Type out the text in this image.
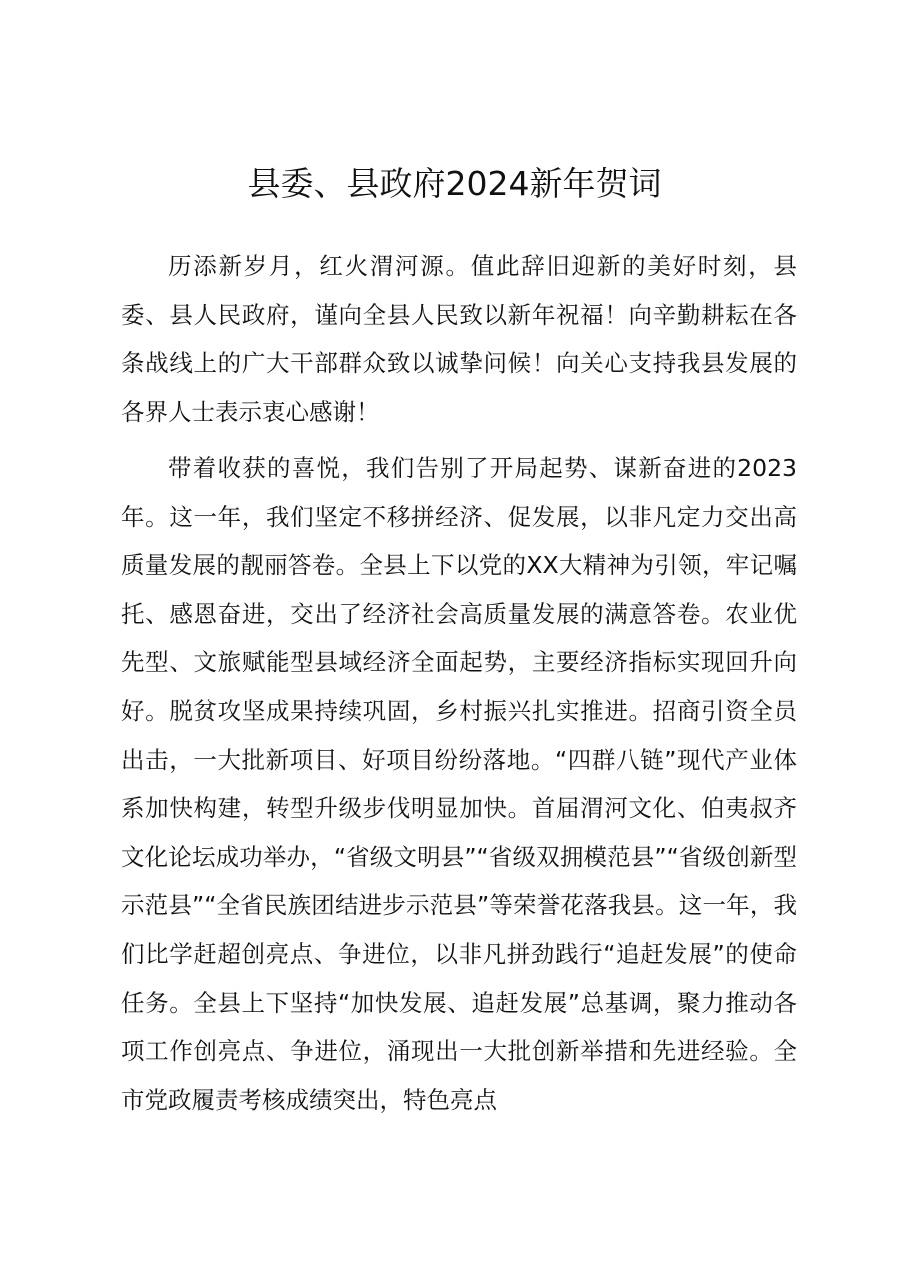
县委、县政府2024新年贺词

历添新岁月，红火渭河源。值此辞旧迎新的美好时刻，县委、县人民政府，谨向全县人民致以新年祝福！向辛勤耕耘在各条战线上的广大干部群众致以诚挚问候！向关心支持我县发展的各界人士表示衷心感谢！

带着收获的喜悦，我们告别了开局起势、谋新奋进的2023年。这一年，我们坚定不移拼经济、促发展，以非凡定力交出高质量发展的靓丽答卷。全县上下以党的XX大精神为引领，牢记嘱托、感恩奋进，交出了经济社会高质量发展的满意答卷。农业优先型、文旅赋能型县域经济全面起势，主要经济指标实现回升向好。脱贫攻坚成果持续巩固，乡村振兴扎实推进。招商引资全员出击，一大批新项目、好项目纷纷落地。“四群八链”现代产业体系加快构建，转型升级步伐明显加快。首届渭河文化、伯夷叔齐文化论坛成功举办，“省级文明县”“省级双拥模范县”“省级创新型示范县”“全省民族团结进步示范县”等荣誉花落我县。这一年，我们比学赶超创亮点、争进位，以非凡拼劲践行“追赶发展”的使命任务。全县上下坚持“加快发展、追赶发展”总基调，聚力推动各项工作创亮点、争进位，涌现出一大批创新举措和先进经验。全市党政履责考核成绩突出，特色亮点
